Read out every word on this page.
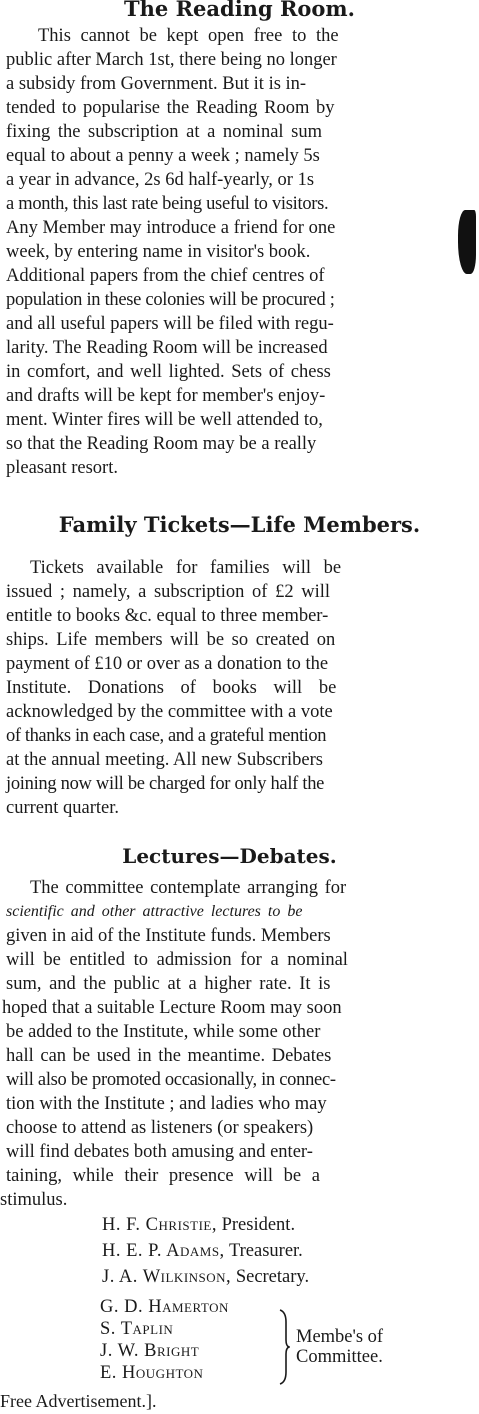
The Reading Room.

This cannot be kept open free to the

public after March 1st, there being no longer

a subsidy from Government. But it is in-

tended to popularise the Reading Room by

fixing the subscription at a nominal sum

equal to about a penny a week ; namely 5s

a year in advance, 2s 6d half-yearly, or 1s

a month, this last rate being useful to visitors.

Any Member may introduce a friend for one

week, by entering name in visitor's book.

Additional papers from the chief centres of

population in these colonies will be procured ;

and all useful papers will be filed with regu-

larity. The Reading Room will be increased

in comfort, and well lighted. Sets of chess

and drafts will be kept for member's enjoy-

ment. Winter fires will be well attended to,

so that the Reading Room may be a really

pleasant resort.

Family Tickets—Life Members.

Tickets available for families will be

issued ; namely, a subscription of £2 will

entitle to books &c. equal to three member-

ships. Life members will be so created on

payment of £10 or over as a donation to the

Institute. Donations of books will be

acknowledged by the committee with a vote

of thanks in each case, and a grateful mention

at the annual meeting. All new Subscribers

joining now will be charged for only half the

current quarter.

Lectures—Debates.

The committee contemplate arranging for

scientific and other attractive lectures to be

given in aid of the Institute funds. Members

will be entitled to admission for a nominal

sum, and the public at a higher rate. It is

hoped that a suitable Lecture Room may soon

be added to the Institute, while some other

hall can be used in the meantime. Debates

will also be promoted occasionally, in connec-

tion with the Institute ; and ladies who may

choose to attend as listeners (or speakers)

will find debates both amusing and enter-

taining, while their presence will be a

stimulus.

H. F. Christie, President.
H. E. P. Adams, Treasurer.
J. A. Wilkinson, Secretary.
G. D. Hamerton
S. Taplin
J. W. Bright
E. Houghton
Membe's of
Committee.
Free Advertisement.].
